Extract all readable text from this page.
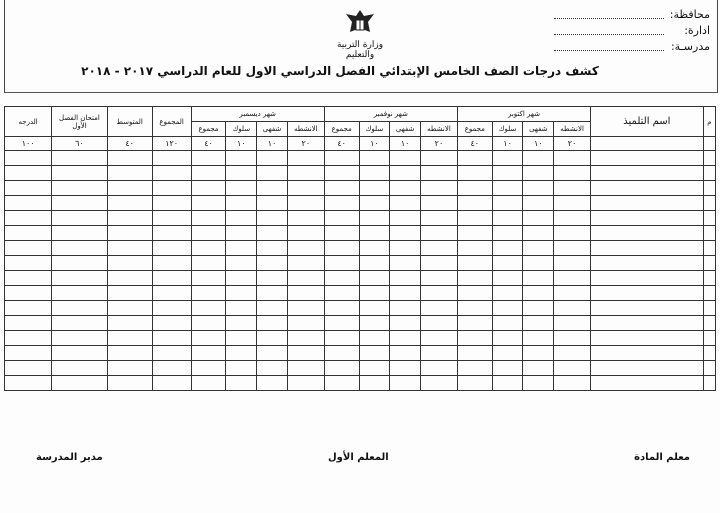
محافظة:
ادارة:
مدرسـة:
وزارة التربية والتعليم
كشف درجات الصف الخامس الإبتدائي الفصل الدراسي الاول للعام الدراسي ٢٠١٧ - ٢٠١٨
م	اسم التلميذ	شهر اكتوبر				شهر نوفمبر				شهر ديسمبر				المجموع	المتوسط	امتحان الفصل الأول	الدرجه
		الانشطه	شفهى	سلوك	مجموع	الانشطه	شفهى	سلوك	مجموع	الانشطه	شفهى	سلوك	مجموع				
		٢٠	١٠	١٠	٤٠	٢٠	١٠	١٠	٤٠	٢٠	١٠	١٠	٤٠	١٢٠	٤٠	٦٠	١٠٠

معلم المادة
المعلم الأول
مدير المدرسة
